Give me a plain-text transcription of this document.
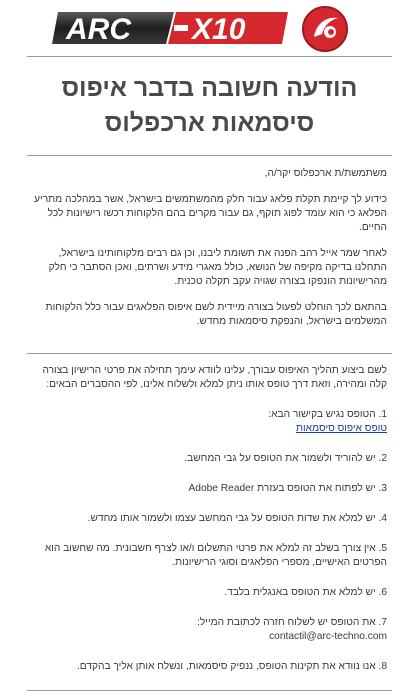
ARC X10
הודעה חשובה בדבר איפוס
סיסמאות ארכפלוס

משתמשת/ת ארכפלוס יקר/ה,

כידוע לך קיימת תקלת פלאג עבור חלק מהמשתמשים בישראל, אשר במהלכה מתריע הפלאג כי הוא עומד לפוג תוקף, גם עבור מקרים בהם הלקוחות רכשו רישיונות לכל החיים.

לאחר שמר אייל רהב הפנה את תשומת ליבנו, וכן גם רבים מלקוחותינו בישראל, התחלנו בדיקה מקיפה של הנושא, כולל מאגרי מידע ושרתים, ואכן הסתבר כי חלק מהרישיונות הונפקו בצורה שגויה עקב תקלה טכנית.

בהתאם לכך הוחלט לפעול בצורה מיידית לשם איפוס הפלאגים עבור כלל הלקוחות המשלמים בישראל, והנפקת סיסמאות מחדש.

לשם ביצוע תהליך האיפוס עבורך, עלינו לוודא עימך תחילה את פרטי הרישיון בצורה קלה ומהירה, וזאת דרך טופס אותו ניתן למלא ולשלוח אלינו, לפי ההסברים הבאים:

1. הטופס נגיש בקישור הבא:
טופס איפוס סיסמאות
2. יש להוריד ולשמור את הטופס על גבי המחשב.
3. יש לפתוח את הטופס בעזרת Adobe Reader
4. יש למלא את שדות הטופס על גבי המחשב עצמו ולשמור אותו מחדש.
5. אין צורך בשלב זה למלא את פרטי התשלום ו/או לצרף חשבונית. מה שחשוב הוא הפרטים האישיים, מספרי הפלאגים וסוגי הרישיונות.
6. יש למלא את הטופס באנגלית בלבד.
7. את הטופס יש לשלוח חזרה לכתובת המייל:
contactil@arc-techno.com
8. אנו נוודא את תקינות הטופס, ננפיק סיסמאות, ונשלח אותן אליך בהקדם.
